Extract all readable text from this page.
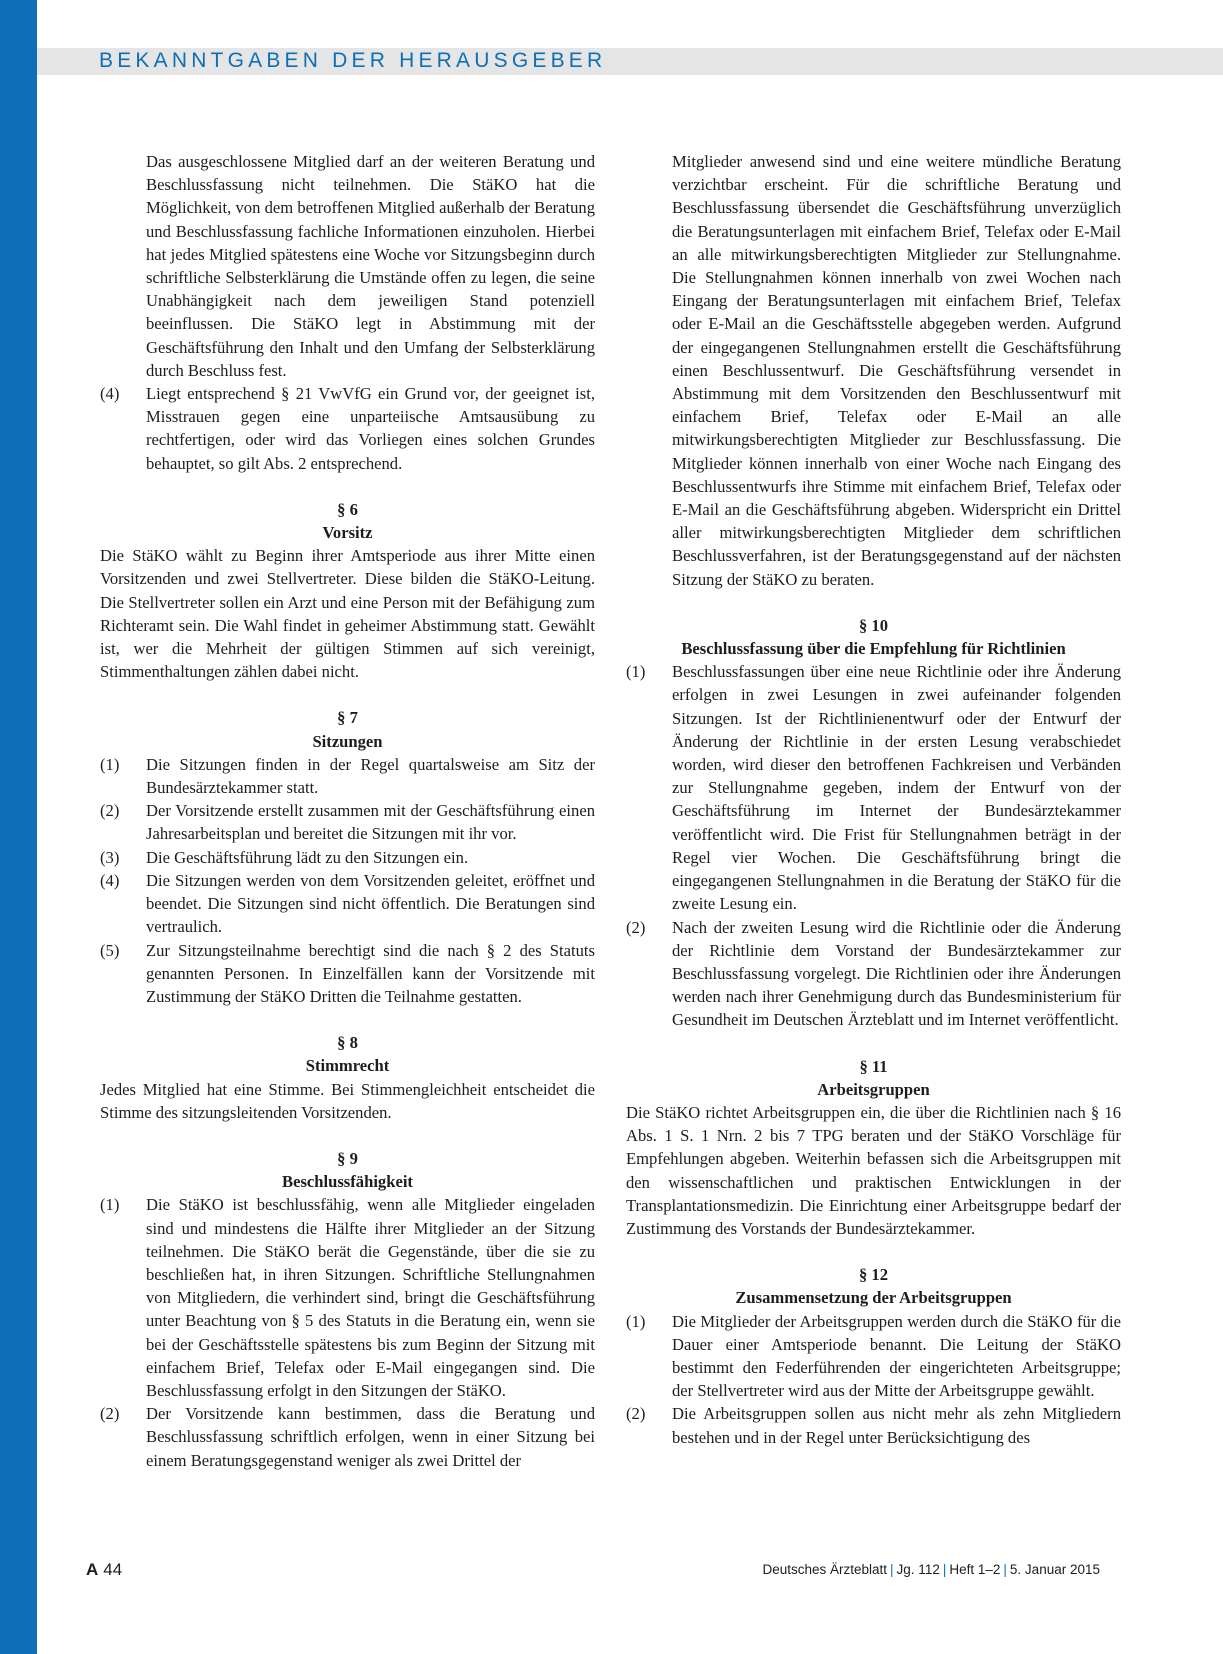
BEKANNTGABEN DER HERAUSGEBER

Das ausgeschlossene Mitglied darf an der weiteren Beratung und Beschlussfassung nicht teilnehmen. Die StäKO hat die Möglichkeit, von dem betroffenen Mitglied außerhalb der Beratung und Beschlussfassung fachliche Informationen einzuholen. Hierbei hat jedes Mitglied spätestens eine Woche vor Sitzungsbeginn durch schriftliche Selbsterklärung die Umstände offen zu legen, die seine Unabhängigkeit nach dem jeweiligen Stand potenziell beeinflussen. Die StäKO legt in Abstimmung mit der Geschäftsführung den Inhalt und den Umfang der Selbsterklärung durch Beschluss fest.

(4) Liegt entsprechend § 21 VwVfG ein Grund vor, der geeignet ist, Misstrauen gegen eine unparteiische Amtsausübung zu rechtfertigen, oder wird das Vorliegen eines solchen Grundes behauptet, so gilt Abs. 2 entsprechend.

§ 6

Vorsitz

Die StäKO wählt zu Beginn ihrer Amtsperiode aus ihrer Mitte einen Vorsitzenden und zwei Stellvertreter. Diese bilden die StäKO-Leitung. Die Stellvertreter sollen ein Arzt und eine Person mit der Befähigung zum Richteramt sein. Die Wahl findet in geheimer Abstimmung statt. Gewählt ist, wer die Mehrheit der gültigen Stimmen auf sich vereinigt, Stimmenthaltungen zählen dabei nicht.

§ 7

Sitzungen

(1) Die Sitzungen finden in der Regel quartalsweise am Sitz der Bundesärztekammer statt.

(2) Der Vorsitzende erstellt zusammen mit der Geschäftsführung einen Jahresarbeitsplan und bereitet die Sitzungen mit ihr vor.

(3) Die Geschäftsführung lädt zu den Sitzungen ein.

(4) Die Sitzungen werden von dem Vorsitzenden geleitet, eröffnet und beendet. Die Sitzungen sind nicht öffentlich. Die Beratungen sind vertraulich.

(5) Zur Sitzungsteilnahme berechtigt sind die nach § 2 des Statuts genannten Personen. In Einzelfällen kann der Vorsitzende mit Zustimmung der StäKO Dritten die Teilnahme gestatten.

§ 8

Stimmrecht

Jedes Mitglied hat eine Stimme. Bei Stimmengleichheit entscheidet die Stimme des sitzungsleitenden Vorsitzenden.

§ 9

Beschlussfähigkeit

(1) Die StäKO ist beschlussfähig, wenn alle Mitglieder eingeladen sind und mindestens die Hälfte ihrer Mitglieder an der Sitzung teilnehmen. Die StäKO berät die Gegenstände, über die sie zu beschließen hat, in ihren Sitzungen. Schriftliche Stellungnahmen von Mitgliedern, die verhindert sind, bringt die Geschäftsführung unter Beachtung von § 5 des Statuts in die Beratung ein, wenn sie bei der Geschäftsstelle spätestens bis zum Beginn der Sitzung mit einfachem Brief, Telefax oder E-Mail eingegangen sind. Die Beschlussfassung erfolgt in den Sitzungen der StäKO.

(2) Der Vorsitzende kann bestimmen, dass die Beratung und Beschlussfassung schriftlich erfolgen, wenn in einer Sitzung bei einem Beratungsgegenstand weniger als zwei Drittel der

Mitglieder anwesend sind und eine weitere mündliche Beratung verzichtbar erscheint. Für die schriftliche Beratung und Beschlussfassung übersendet die Geschäftsführung unverzüglich die Beratungsunterlagen mit einfachem Brief, Telefax oder E-Mail an alle mitwirkungsberechtigten Mitglieder zur Stellungnahme. Die Stellungnahmen können innerhalb von zwei Wochen nach Eingang der Beratungsunterlagen mit einfachem Brief, Telefax oder E-Mail an die Geschäftsstelle abgegeben werden. Aufgrund der eingegangenen Stellungnahmen erstellt die Geschäftsführung einen Beschlussentwurf. Die Geschäftsführung versendet in Abstimmung mit dem Vorsitzenden den Beschlussentwurf mit einfachem Brief, Telefax oder E-Mail an alle mitwirkungsberechtigten Mitglieder zur Beschlussfassung. Die Mitglieder können innerhalb von einer Woche nach Eingang des Beschlussentwurfs ihre Stimme mit einfachem Brief, Telefax oder E-Mail an die Geschäftsführung abgeben. Widerspricht ein Drittel aller mitwirkungsberechtigten Mitglieder dem schriftlichen Beschlussverfahren, ist der Beratungsgegenstand auf der nächsten Sitzung der StäKO zu beraten.

§ 10

Beschlussfassung über die Empfehlung für Richtlinien

(1) Beschlussfassungen über eine neue Richtlinie oder ihre Änderung erfolgen in zwei Lesungen in zwei aufeinander folgenden Sitzungen. Ist der Richtlinienentwurf oder der Entwurf der Änderung der Richtlinie in der ersten Lesung verabschiedet worden, wird dieser den betroffenen Fachkreisen und Verbänden zur Stellungnahme gegeben, indem der Entwurf von der Geschäftsführung im Internet der Bundesärztekammer veröffentlicht wird. Die Frist für Stellungnahmen beträgt in der Regel vier Wochen. Die Geschäftsführung bringt die eingegangenen Stellungnahmen in die Beratung der StäKO für die zweite Lesung ein.

(2) Nach der zweiten Lesung wird die Richtlinie oder die Änderung der Richtlinie dem Vorstand der Bundesärztekammer zur Beschlussfassung vorgelegt. Die Richtlinien oder ihre Änderungen werden nach ihrer Genehmigung durch das Bundesministerium für Gesundheit im Deutschen Ärzteblatt und im Internet veröffentlicht.

§ 11

Arbeitsgruppen

Die StäKO richtet Arbeitsgruppen ein, die über die Richtlinien nach § 16 Abs. 1 S. 1 Nrn. 2 bis 7 TPG beraten und der StäKO Vorschläge für Empfehlungen abgeben. Weiterhin befassen sich die Arbeitsgruppen mit den wissenschaftlichen und praktischen Entwicklungen in der Transplantationsmedizin. Die Einrichtung einer Arbeitsgruppe bedarf der Zustimmung des Vorstands der Bundesärztekammer.

§ 12

Zusammensetzung der Arbeitsgruppen

(1) Die Mitglieder der Arbeitsgruppen werden durch die StäKO für die Dauer einer Amtsperiode benannt. Die Leitung der StäKO bestimmt den Federführenden der eingerichteten Arbeitsgruppe; der Stellvertreter wird aus der Mitte der Arbeitsgruppe gewählt.

(2) Die Arbeitsgruppen sollen aus nicht mehr als zehn Mitgliedern bestehen und in der Regel unter Berücksichtigung des

A 44	Deutsches Ärzteblatt | Jg. 112 | Heft 1–2 | 5. Januar 2015
